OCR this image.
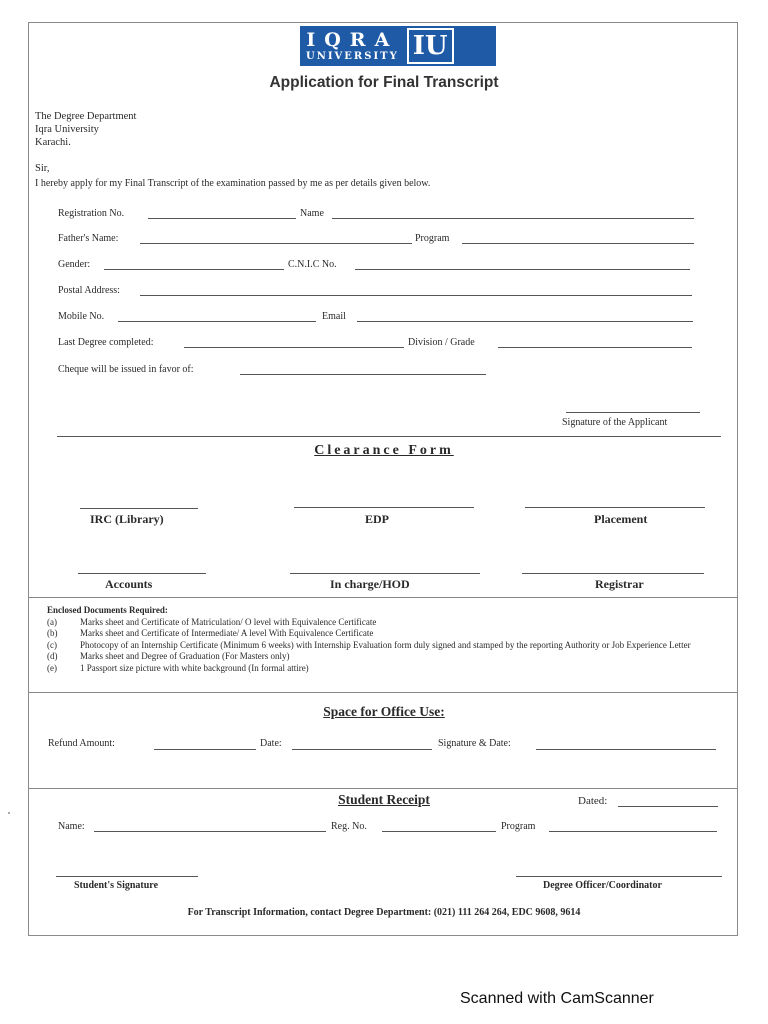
IQRA
UNIVERSITY IU
Application for Final Transcript
The Degree Department
Iqra University
Karachi.
Sir,
I hereby apply for my Final Transcript of the examination passed by me as per details given below.
Registration No.	Name
Father's Name:	Program
Gender:	C.N.I.C No.
Postal Address:
Mobile No.	Email
Last Degree completed:	Division / Grade
Cheque will be issued in favor of:
Signature of the Applicant
Clearance Form
IRC (Library)	EDP	Placement
Accounts	In charge/HOD	Registrar
Enclosed Documents Required:
(a)	Marks sheet and Certificate of Matriculation/ O level with Equivalence Certificate
(b)	Marks sheet and Certificate of Intermediate/ A level With Equivalence Certificate
(c)	Photocopy of an Internship Certificate (Minimum 6 weeks) with Internship Evaluation form duly signed and stamped by the reporting Authority or Job Experience Letter
(d)	Marks sheet and Degree of Graduation (For Masters only)
(e)	1 Passport size picture with white background (In formal attire)
Space for Office Use:
Refund Amount:	Date:	Signature & Date:
Student Receipt	Dated:
Name:	Reg. No.	Program
Student's Signature	Degree Officer/Coordinator
For Transcript Information, contact Degree Department: (021) 111 264 264, EDC 9608, 9614
Scanned with CamScanner
